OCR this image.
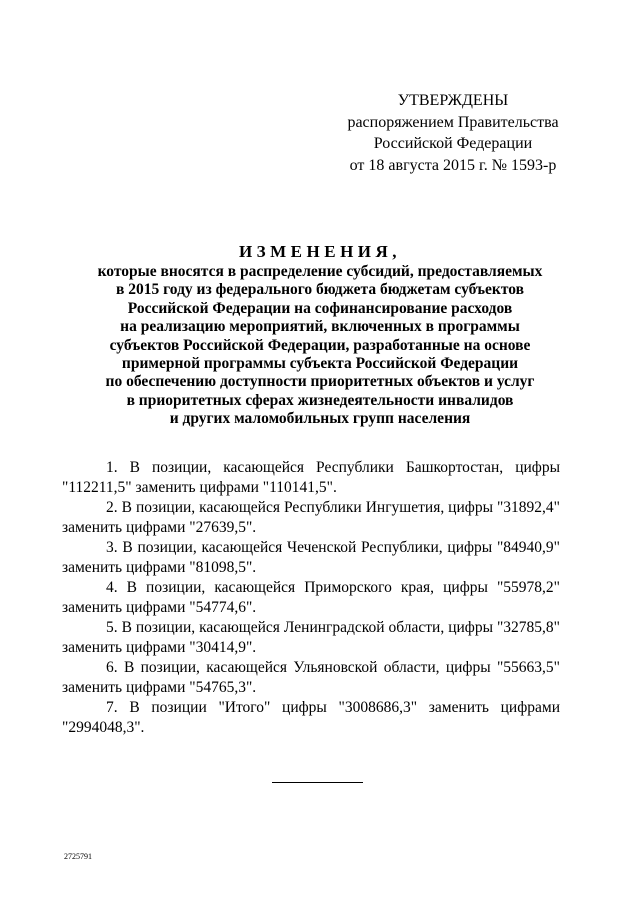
УТВЕРЖДЕНЫ
распоряжением Правительства
Российской Федерации
от 18 августа 2015 г. № 1593-р
ИЗМЕНЕНИЯ,
которые вносятся в распределение субсидий, предоставляемых
в 2015 году из федерального бюджета бюджетам субъектов
Российской Федерации на софинансирование расходов
на реализацию мероприятий, включенных в программы
субъектов Российской Федерации, разработанные на основе
примерной программы субъекта Российской Федерации
по обеспечению доступности приоритетных объектов и услуг
в приоритетных сферах жизнедеятельности инвалидов
и других маломобильных групп населения

1. В позиции, касающейся Республики Башкортостан, цифры "112211,5" заменить цифрами "110141,5".

2. В позиции, касающейся Республики Ингушетия, цифры "31892,4" заменить цифрами "27639,5".

3. В позиции, касающейся Чеченской Республики, цифры "84940,9" заменить цифрами "81098,5".

4. В позиции, касающейся Приморского края, цифры "55978,2" заменить цифрами "54774,6".

5. В позиции, касающейся Ленинградской области, цифры "32785,8" заменить цифрами "30414,9".

6. В позиции, касающейся Ульяновской области, цифры "55663,5" заменить цифрами "54765,3".

7. В позиции "Итого" цифры "3008686,3" заменить цифрами "2994048,3".

2725791
